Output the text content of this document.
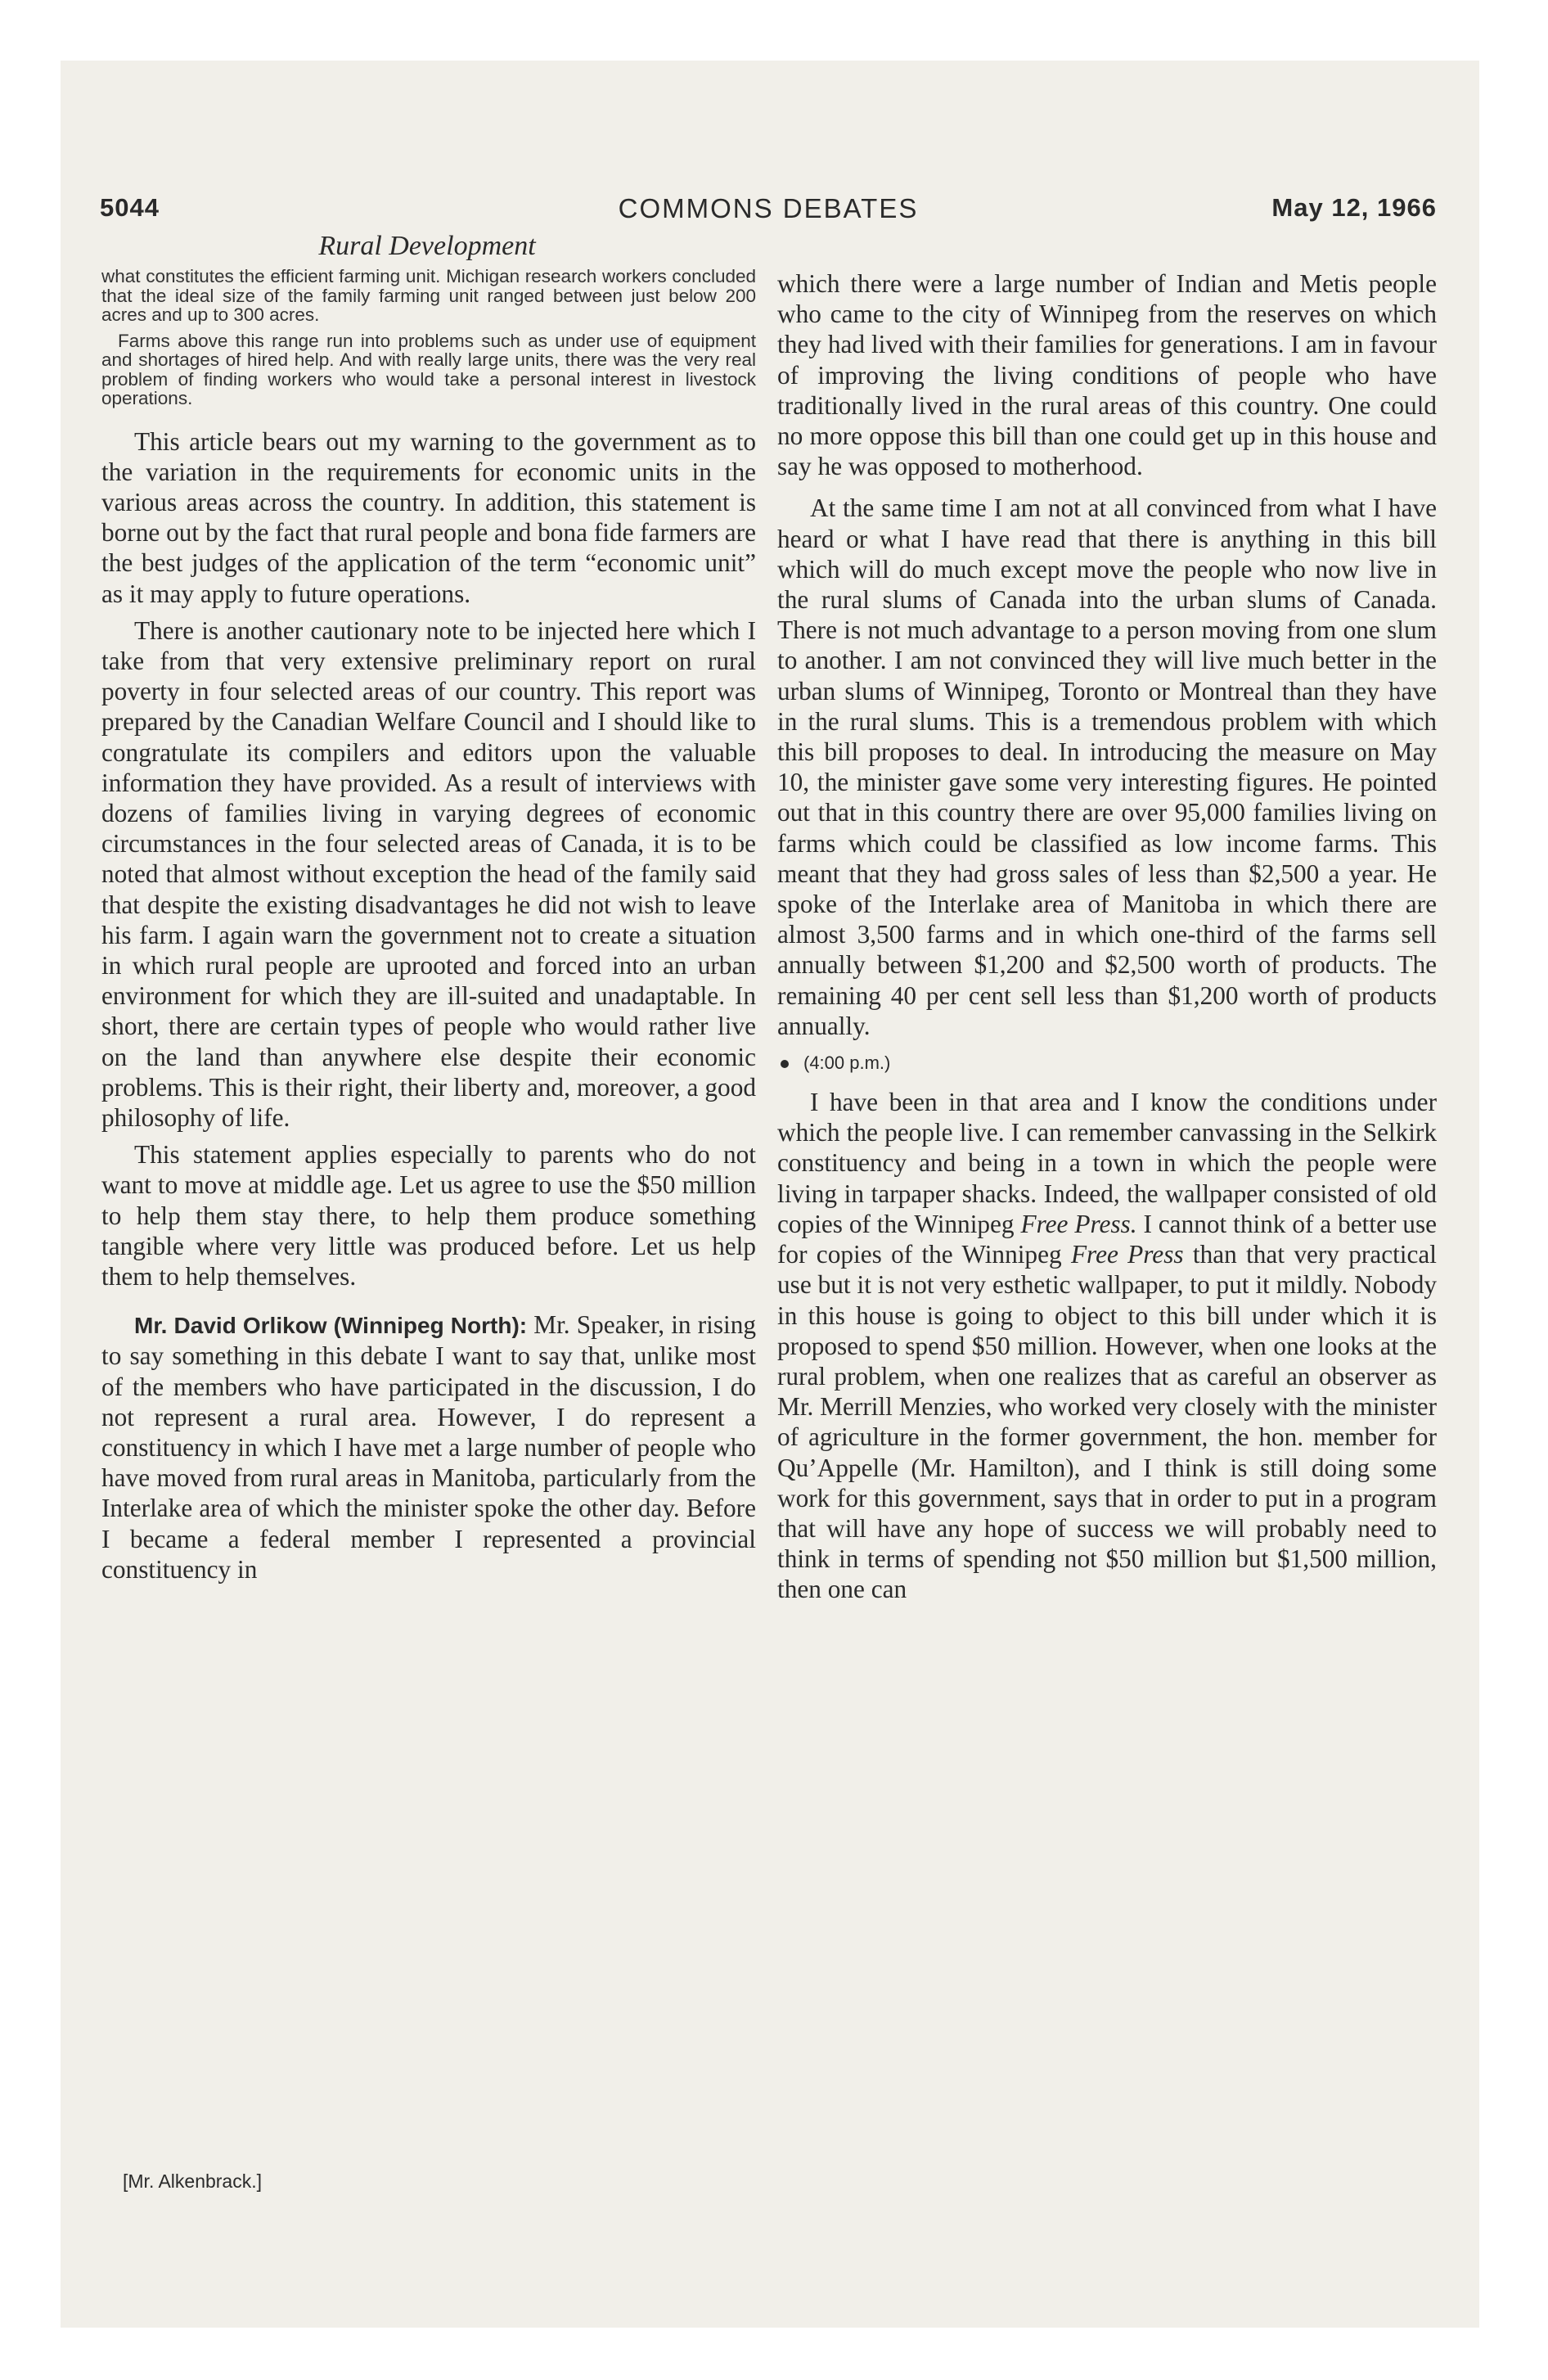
5044	COMMONS DEBATES	May 12, 1966
Rural Development

what constitutes the efficient farming unit. Michigan research workers concluded that the ideal size of the family farming unit ranged between just below 200 acres and up to 300 acres.

Farms above this range run into problems such as under use of equipment and shortages of hired help. And with really large units, there was the very real problem of finding workers who would take a personal interest in livestock operations.

This article bears out my warning to the government as to the variation in the requirements for economic units in the various areas across the country. In addition, this statement is borne out by the fact that rural people and bona fide farmers are the best judges of the application of the term “economic unit” as it may apply to future operations.

There is another cautionary note to be injected here which I take from that very extensive preliminary report on rural poverty in four selected areas of our country. This report was prepared by the Canadian Welfare Council and I should like to congratulate its compilers and editors upon the valuable information they have provided. As a result of interviews with dozens of families living in varying degrees of economic circumstances in the four selected areas of Canada, it is to be noted that almost without exception the head of the family said that despite the existing disadvantages he did not wish to leave his farm. I again warn the government not to create a situation in which rural people are uprooted and forced into an urban environment for which they are ill-suited and unadaptable. In short, there are certain types of people who would rather live on the land than anywhere else despite their economic problems. This is their right, their liberty and, moreover, a good philosophy of life.

This statement applies especially to parents who do not want to move at middle age. Let us agree to use the $50 million to help them stay there, to help them produce something tangible where very little was produced before. Let us help them to help themselves.

Mr. David Orlikow (Winnipeg North): Mr. Speaker, in rising to say something in this debate I want to say that, unlike most of the members who have participated in the discussion, I do not represent a rural area. However, I do represent a constituency in which I have met a large number of people who have moved from rural areas in Manitoba, particularly from the Interlake area of which the minister spoke the other day. Before I became a federal member I represented a provincial constituency in

[Mr. Alkenbrack.]

which there were a large number of Indian and Metis people who came to the city of Winnipeg from the reserves on which they had lived with their families for generations. I am in favour of improving the living conditions of people who have traditionally lived in the rural areas of this country. One could no more oppose this bill than one could get up in this house and say he was opposed to motherhood.

At the same time I am not at all convinced from what I have heard or what I have read that there is anything in this bill which will do much except move the people who now live in the rural slums of Canada into the urban slums of Canada. There is not much advantage to a person moving from one slum to another. I am not convinced they will live much better in the urban slums of Winnipeg, Toronto or Montreal than they have in the rural slums. This is a tremendous problem with which this bill proposes to deal. In introducing the measure on May 10, the minister gave some very interesting figures. He pointed out that in this country there are over 95,000 families living on farms which could be classified as low income farms. This meant that they had gross sales of less than $2,500 a year. He spoke of the Interlake area of Manitoba in which there are almost 3,500 farms and in which one-third of the farms sell annually between $1,200 and $2,500 worth of products. The remaining 40 per cent sell less than $1,200 worth of products annually.

(4:00 p.m.)

I have been in that area and I know the conditions under which the people live. I can remember canvassing in the Selkirk constituency and being in a town in which the people were living in tarpaper shacks. Indeed, the wallpaper consisted of old copies of the Winnipeg Free Press. I cannot think of a better use for copies of the Winnipeg Free Press than that very practical use but it is not very esthetic wallpaper, to put it mildly. Nobody in this house is going to object to this bill under which it is proposed to spend $50 million. However, when one looks at the rural problem, when one realizes that as careful an observer as Mr. Merrill Menzies, who worked very closely with the minister of agriculture in the former government, the hon. member for Qu’Appelle (Mr. Hamilton), and I think is still doing some work for this government, says that in order to put in a program that will have any hope of success we will probably need to think in terms of spending not $50 million but $1,500 million, then one can
